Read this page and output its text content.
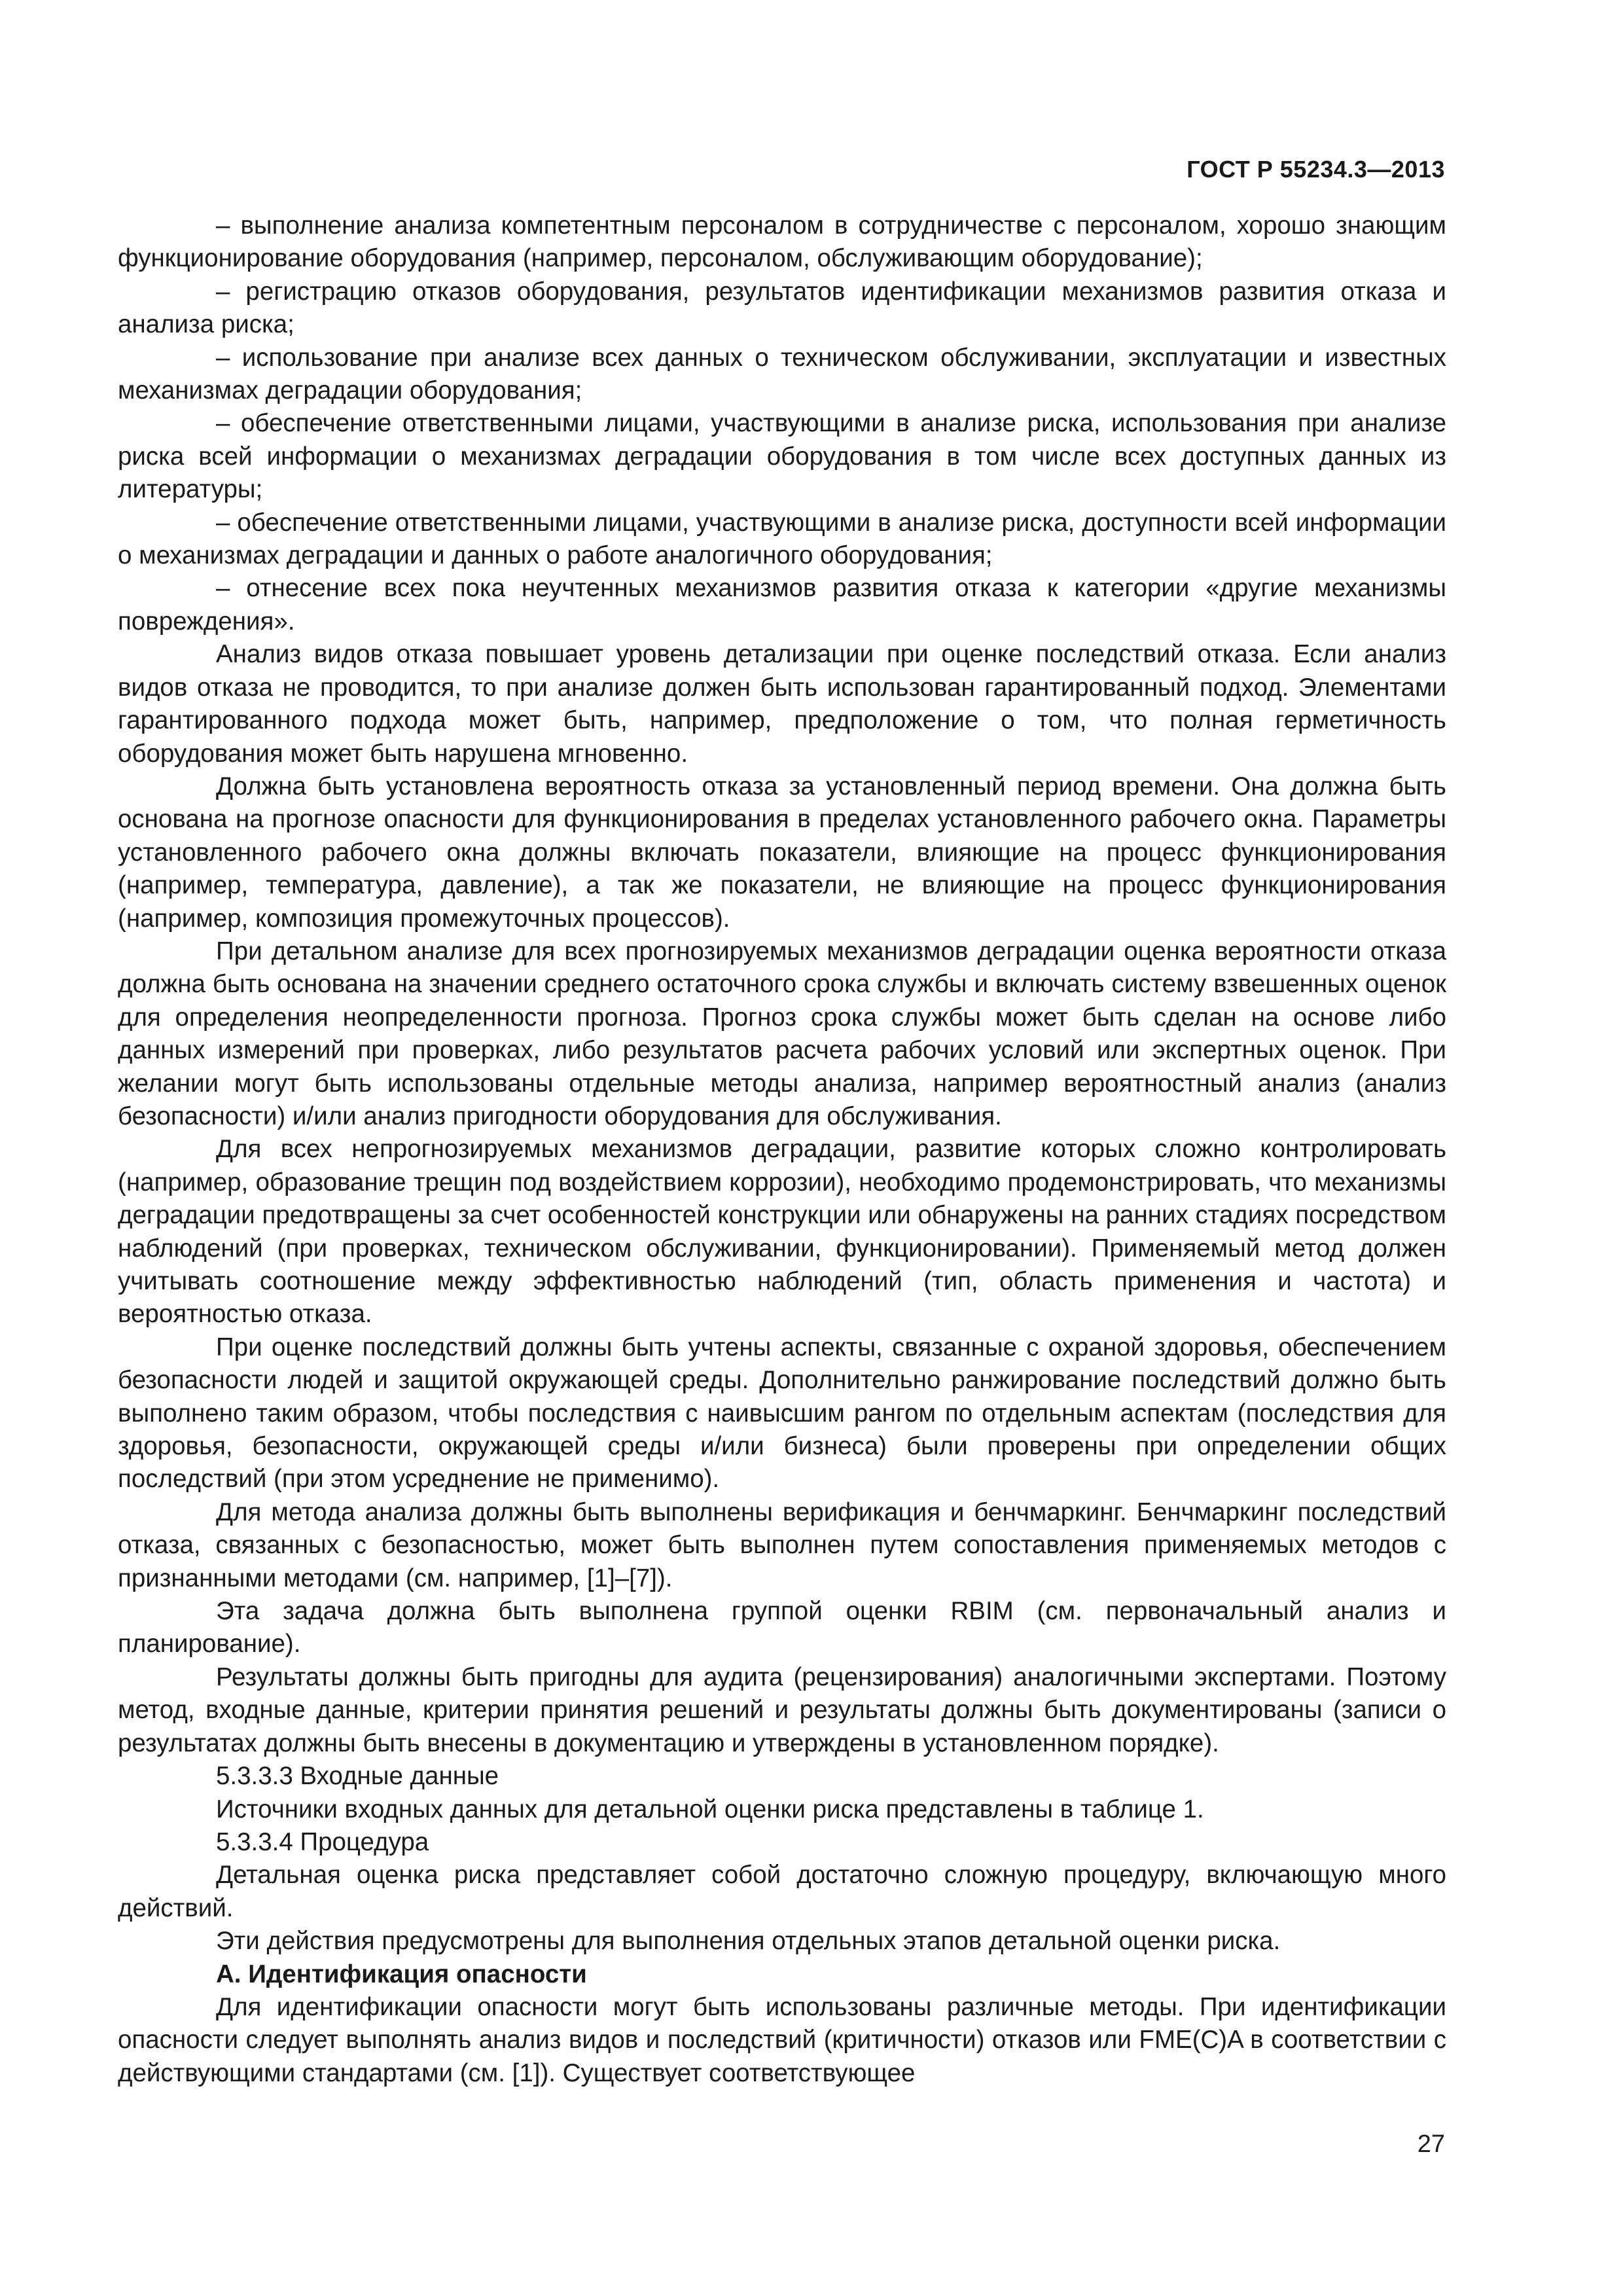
ГОСТ Р 55234.3—2013

– выполнение анализа компетентным персоналом в сотрудничестве с персоналом, хорошо знающим функционирование оборудования (например, персоналом, обслуживающим оборудование);

– регистрацию отказов оборудования, результатов идентификации механизмов развития отказа и анализа риска;

– использование при анализе всех данных о техническом обслуживании, эксплуатации и известных механизмах деградации оборудования;

– обеспечение ответственными лицами, участвующими в анализе риска, использования при анализе риска всей информации о механизмах деградации оборудования в том числе всех доступных данных из литературы;

– обеспечение ответственными лицами, участвующими в анализе риска, доступности всей информации о механизмах деградации и данных о работе аналогичного оборудования;

– отнесение всех пока неучтенных механизмов развития отказа к категории «другие механизмы повреждения».

Анализ видов отказа повышает уровень детализации при оценке последствий отказа. Если анализ видов отказа не проводится, то при анализе должен быть использован гарантированный подход. Элементами гарантированного подхода может быть, например, предположение о том, что полная герметичность оборудования может быть нарушена мгновенно.

Должна быть установлена вероятность отказа за установленный период времени. Она должна быть основана на прогнозе опасности для функционирования в пределах установленного рабочего окна. Параметры установленного рабочего окна должны включать показатели, влияющие на процесс функционирования (например, температура, давление), а так же показатели, не влияющие на процесс функционирования (например, композиция промежуточных процессов).

При детальном анализе для всех прогнозируемых механизмов деградации оценка вероятности отказа должна быть основана на значении среднего остаточного срока службы и включать систему взвешенных оценок для определения неопределенности прогноза. Прогноз срока службы может быть сделан на основе либо данных измерений при проверках, либо результатов расчета рабочих условий или экспертных оценок. При желании могут быть использованы отдельные методы анализа, например вероятностный анализ (анализ безопасности) и/или анализ пригодности оборудования для обслуживания.

Для всех непрогнозируемых механизмов деградации, развитие которых сложно контролировать (например, образование трещин под воздействием коррозии), необходимо продемонстрировать, что механизмы деградации предотвращены за счет особенностей конструкции или обнаружены на ранних стадиях посредством наблюдений (при проверках, техническом обслуживании, функционировании). Применяемый метод должен учитывать соотношение между эффективностью наблюдений (тип, область применения и частота) и вероятностью отказа.

При оценке последствий должны быть учтены аспекты, связанные с охраной здоровья, обеспечением безопасности людей и защитой окружающей среды. Дополнительно ранжирование последствий должно быть выполнено таким образом, чтобы последствия с наивысшим рангом по отдельным аспектам (последствия для здоровья, безопасности, окружающей среды и/или бизнеса) были проверены при определении общих последствий (при этом усреднение не применимо).

Для метода анализа должны быть выполнены верификация и бенчмаркинг. Бенчмаркинг последствий отказа, связанных с безопасностью, может быть выполнен путем сопоставления применяемых методов с признанными методами (см. например, [1]–[7]).

Эта задача должна быть выполнена группой оценки RBIM (см. первоначальный анализ и планирование).

Результаты должны быть пригодны для аудита (рецензирования) аналогичными экспертами. Поэтому метод, входные данные, критерии принятия решений и результаты должны быть документированы (записи о результатах должны быть внесены в документацию и утверждены в установленном порядке).

5.3.3.3 Входные данные

Источники входных данных для детальной оценки риска представлены в таблице 1.

5.3.3.4 Процедура

Детальная оценка риска представляет собой достаточно сложную процедуру, включающую много действий.

Эти действия предусмотрены для выполнения отдельных этапов детальной оценки риска.

А. Идентификация опасности

Для идентификации опасности могут быть использованы различные методы. При идентификации опасности следует выполнять анализ видов и последствий (критичности) отказов или FME(C)A в соответствии с действующими стандартами (см. [1]). Существует соответствующее

27
